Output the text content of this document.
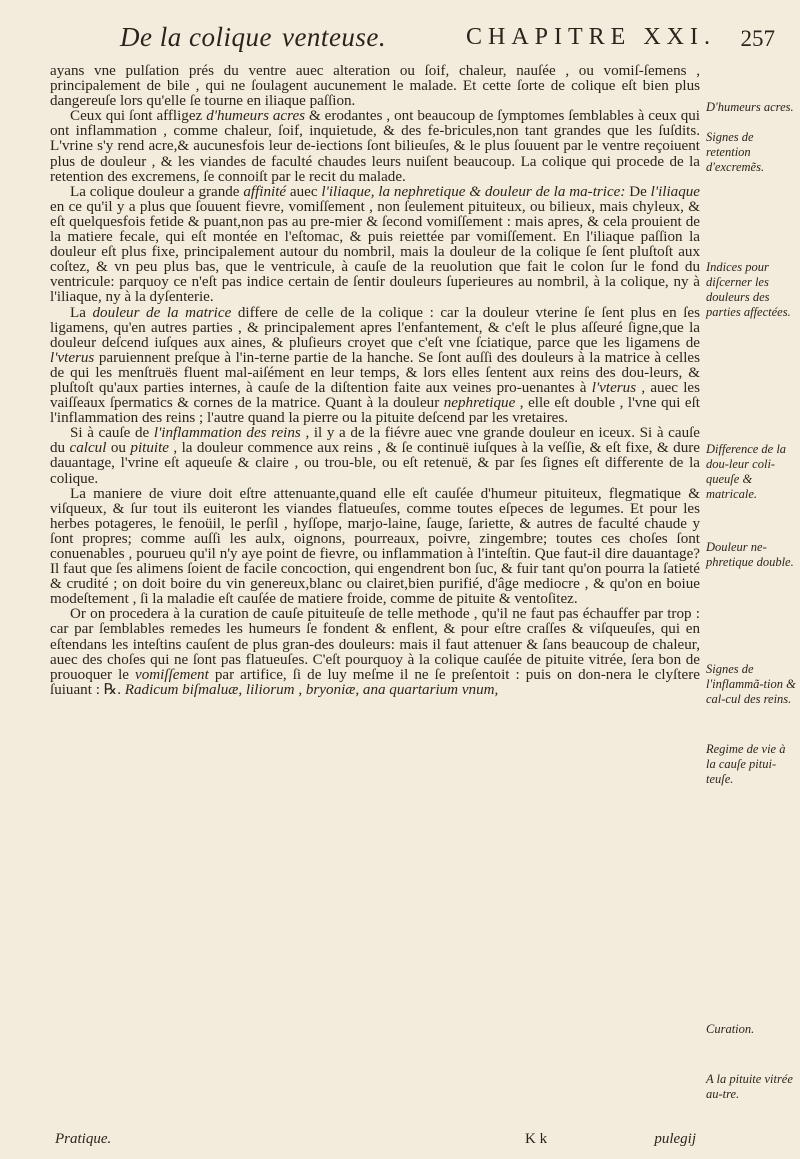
De la colique venteuse.	CHAPITRE XXI. 257

ayans vne pulſation prés du ventre auec alteration ou ſoif, chaleur, nauſée , ou vomiſ-ſemens , principalement de bile , qui ne ſoulagent aucunement le malade. Et cette ſorte de colique eſt bien plus dangereuſe lors qu'elle ſe tourne en iliaque paſſion.

Ceux qui ſont affligez d'humeurs acres & erodantes , ont beaucoup de ſymptomes ſemblables à ceux qui ont inflammation , comme chaleur, ſoif, inquietude, & des fe-bricules,non tant grandes que les ſuſdits. L'vrine s'y rend acre,& aucunesfois leur de-iections ſont bilieuſes, & le plus ſouuent par le ventre reçoiuent plus de douleur , & les viandes de faculté chaudes leurs nuiſent beaucoup. La colique qui procede de la retention des excremens, ſe connoiſt par le recit du malade.

La colique douleur a grande affinité auec l'iliaque, la nephretique & douleur de la ma-trice: De l'iliaque en ce qu'il y a plus que ſouuent fievre, vomiſſement , non ſeulement pituiteux, ou bilieux, mais chyleux, & eſt quelquesfois fetide & puant,non pas au pre-mier & ſecond vomiſſement : mais apres, & cela prouient de la matiere fecale, qui eſt montée en l'eſtomac, & puis reiettée par vomiſſement. En l'iliaque paſſion la douleur eſt plus fixe, principalement autour du nombril, mais la douleur de la colique ſe ſent pluſtoſt aux coſtez, & vn peu plus bas, que le ventricule, à cauſe de la reuolution que fait le colon ſur le fond du ventricule: parquoy ce n'eſt pas indice certain de ſentir douleurs ſuperieures au nombril, à la colique, ny à l'iliaque, ny à la dyſenterie.

La douleur de la matrice differe de celle de la colique : car la douleur vterine ſe ſent plus en ſes ligamens, qu'en autres parties , & principalement apres l'enfantement, & c'eſt le plus aſſeuré ſigne,que la douleur deſcend iuſques aux aines, & pluſieurs croyet que c'eſt vne ſciatique, parce que les ligamens de l'vterus paruiennent preſque à l'in-terne partie de la hanche. Se ſont auſſi des douleurs à la matrice à celles de qui les menſtruës fluent mal-aiſément en leur temps, & lors elles ſentent aux reins des dou-leurs, & pluſtoſt qu'aux parties internes, à cauſe de la diſtention faite aux veines pro-uenantes à l'vterus , auec les vaiſſeaux ſpermatics & cornes de la matrice. Quant à la douleur nephretique , elle eſt double , l'vne qui eſt l'inflammation des reins ; l'autre quand la pierre ou la pituite deſcend par les vretaires.

Si à cauſe de l'inflammation des reins , il y a de la fiévre auec vne grande douleur en iceux. Si à cauſe du calcul ou pituite , la douleur commence aux reins , & ſe continuë iuſques à la veſſie, & eſt fixe, & dure dauantage, l'vrine eſt aqueuſe & claire , ou trou-ble, ou eſt retenuë, & par ſes ſignes eſt differente de la colique.

La maniere de viure doit eſtre attenuante,quand elle eſt cauſée d'humeur pituiteux, flegmatique & viſqueux, & ſur tout ils euiteront les viandes flatueuſes, comme toutes eſpeces de legumes. Et pour les herbes potageres, le fenoüil, le perſil , hyſſope, marjo-laine, ſauge, ſariette, & autres de faculté chaude y ſont propres; comme auſſi les aulx, oignons, pourreaux, poivre, zingembre; toutes ces choſes ſont conuenables , pourueu qu'il n'y aye point de fievre, ou inflammation à l'inteſtin. Que faut-il dire dauantage? Il faut que ſes alimens ſoient de facile concoction, qui engendrent bon ſuc, & fuir tant qu'on pourra la ſatieté & crudité ; on doit boire du vin genereux,blanc ou clairet,bien purifié, d'âge mediocre , & qu'on en boiue modeſtement , ſi la maladie eſt cauſée de matiere froide, comme de pituite & ventoſitez.

Or on procedera à la curation de cauſe pituiteuſe de telle methode , qu'il ne faut pas échauffer par trop : car par ſemblables remedes les humeurs ſe fondent & enflent, & pour eſtre craſſes & viſqueuſes, qui en eſtendans les inteſtins cauſent de plus gran-des douleurs: mais il faut attenuer & ſans beaucoup de chaleur, auec des choſes qui ne ſont pas flatueuſes. C'eſt pourquoy à la colique cauſée de pituite vitrée, ſera bon de prouoquer le vomiſſement par artifice, ſi de luy meſme il ne ſe preſentoit : puis on don-nera le clyſtere ſuiuant : ℞. Radicum biſmaluæ, liliorum , bryoniæ, ana quartarium vnum,

D'humeurs acres.
Signes de retention d'excremẽs.
Indices pour diſcerner les douleurs des parties affectées.
Difference de la dou-leur coli-queuſe & matricale.
Douleur ne-phretique double.
Signes de l'inflammã-tion & cal-cul des reins.
Regime de vie à la cauſe pitui-teuſe.
Curation.
A la pituite vitrée au-tre.
Pratique.	K k	pulegij
